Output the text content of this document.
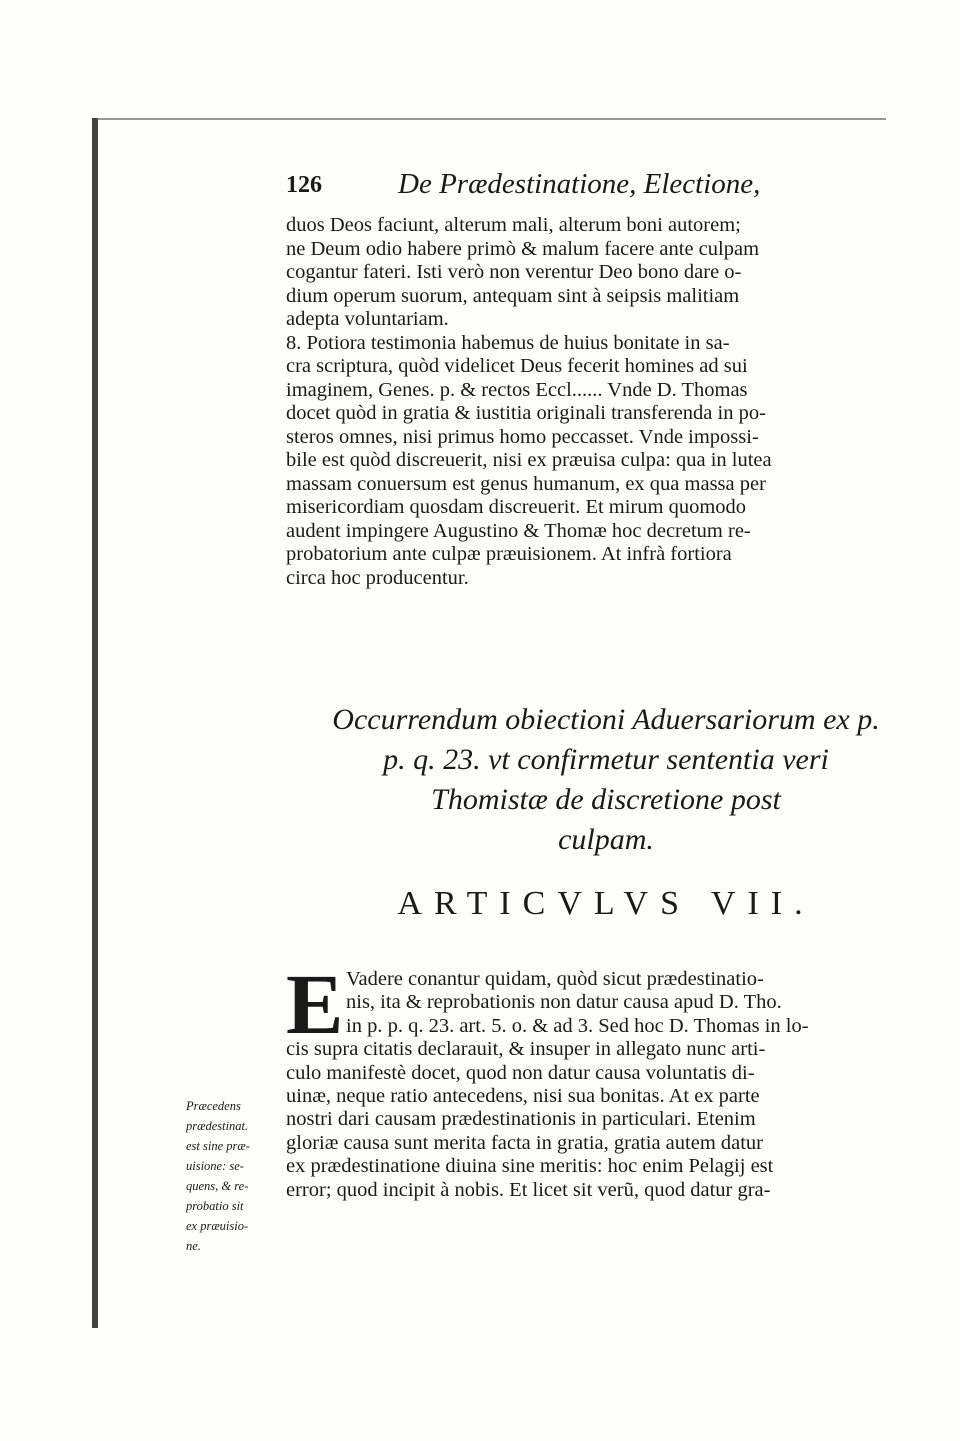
126	De Prædestinatione, Electione,
duos Deos faciunt, alterum mali, alterum boni autorem;
ne Deum odio habere primò & malum facere ante culpam
cogantur fateri. Isti verò non verentur Deo bono dare o-
dium operum suorum, antequam sint à seipsis malitiam
adepta voluntariam.
8. Potiora testimonia habemus de huius bonitate in sa-
cra scriptura, quòd videlicet Deus fecerit homines ad sui
imaginem, Genes. p. & rectos Eccl...... Vnde D. Thomas
docet quòd in gratia & iustitia originali transferenda in po-
steros omnes, nisi primus homo peccasset. Vnde impossi-
bile est quòd discreuerit, nisi ex præuisa culpa: qua in lutea
massam conuersum est genus humanum, ex qua massa per
misericordiam quosdam discreuerit. Et mirum quomodo
audent impingere Augustino & Thomæ hoc decretum re-
probatorium ante culpæ præuisionem. At infrà fortiora
circa hoc producentur.
Occurrendum obiectioni Aduersariorum ex p.
p. q. 23. vt confirmetur sententia veri
Thomistæ de discretione post
culpam.
ARTICVLVS VII.
E Vadere conantur quidam, quòd sicut prædestinatio-
nis, ita & reprobationis non datur causa apud D. Tho.
in p. p. q. 23. art. 5. o. & ad 3. Sed hoc D. Thomas in lo-
cis supra citatis declarauit, & insuper in allegato nunc arti-
culo manifestè docet, quod non datur causa voluntatis di-
uinæ, neque ratio antecedens, nisi sua bonitas. At ex parte
nostri dari causam prædestinationis in particulari. Etenim
gloriæ causa sunt merita facta in gratia, gratia autem datur
ex prædestinatione diuina sine meritis: hoc enim Pelagij est
error; quod incipit à nobis. Et licet sit verũ, quod datur gra-
Præcedens
prædestinat.
est sine præ-
uisione: se-
quens, & re-
probatio sit
ex præuisio-
ne.
